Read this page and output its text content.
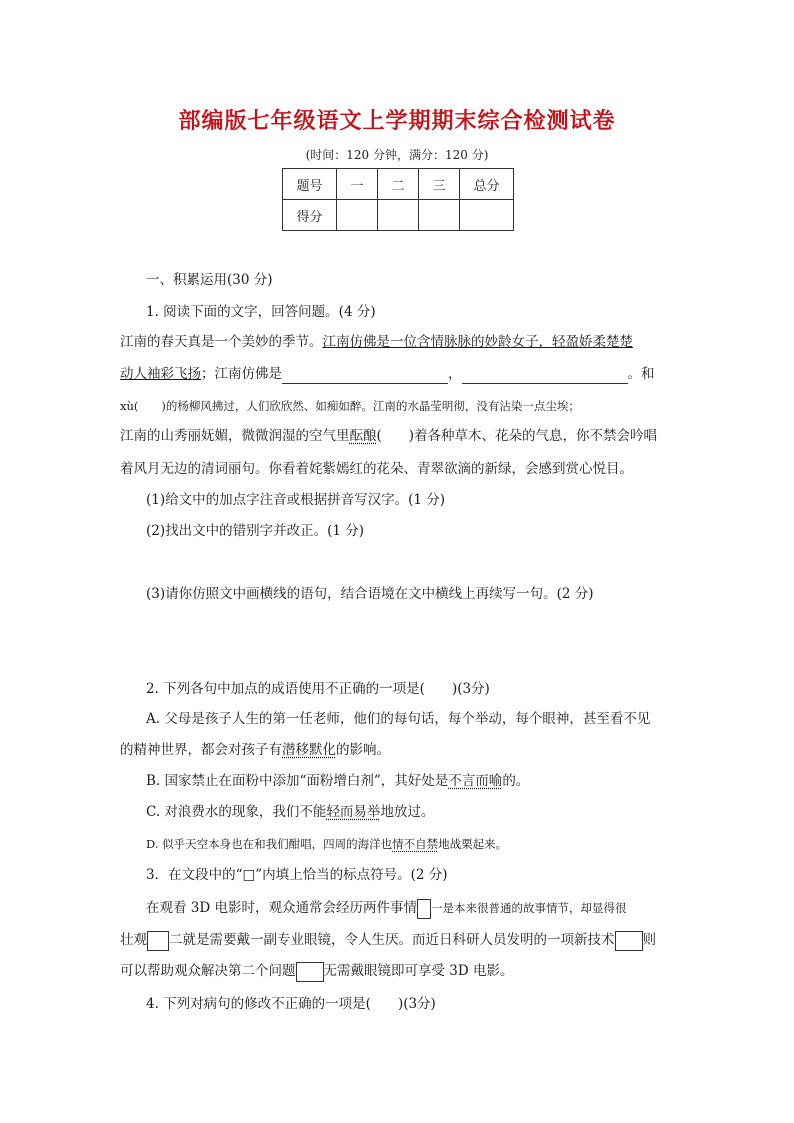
部编版七年级语文上学期期末综合检测试卷
(时间：120 分钟，满分：120 分)
题号	一	二	三	总分
得分				
一、积累运用(30 分)
1. 阅读下面的文字，回答问题。(4 分)
江南的春天真是一个美妙的季节。江南仿佛是一位含情脉脉的妙龄女子，轻盈娇柔楚楚
动人袖彩飞扬；江南仿佛是	，	。和
xù(　　)的杨柳风拂过，人们欣欣然、如痴如醉。江南的水晶莹明彻，没有沾染一点尘埃；
江南的山秀丽妩媚，微微润湿的空气里酝酿(　　)着各种草木、花朵的气息，你不禁会吟唱
着风月无边的清词丽句。你看着姹紫嫣红的花朵、青翠欲滴的新绿，会感到赏心悦目。
(1)给文中的加点字注音或根据拼音写汉字。(1 分)
(2)找出文中的错别字并改正。(1 分)
(3)请你仿照文中画横线的语句，结合语境在文中横线上再续写一句。(2 分)
2. 下列各句中加点的成语使用不正确的一项是(　　)(3分)
A. 父母是孩子人生的第一任老师，他们的每句话，每个举动，每个眼神，甚至看不见
的精神世界，都会对孩子有潜移默化的影响。
B. 国家禁止在面粉中添加“面粉增白剂”，其好处是不言而喻的。
C. 对浪费水的现象，我们不能轻而易举地放过。
D. 似乎天空本身也在和我们酣唱，四周的海洋也情不自禁地战栗起来。
3．在文段中的“□”内填上恰当的标点符号。(2 分)
在观看 3D 电影时，观众通常会经历两件事情 一是本来很普通的故事情节，却显得很
壮观 二就是需要戴一副专业眼镜，令人生厌。而近日科研人员发明的一项新技术 则
可以帮助观众解决第二个问题 无需戴眼镜即可享受 3D 电影。
4. 下列对病句的修改不正确的一项是(　　)(3分)
